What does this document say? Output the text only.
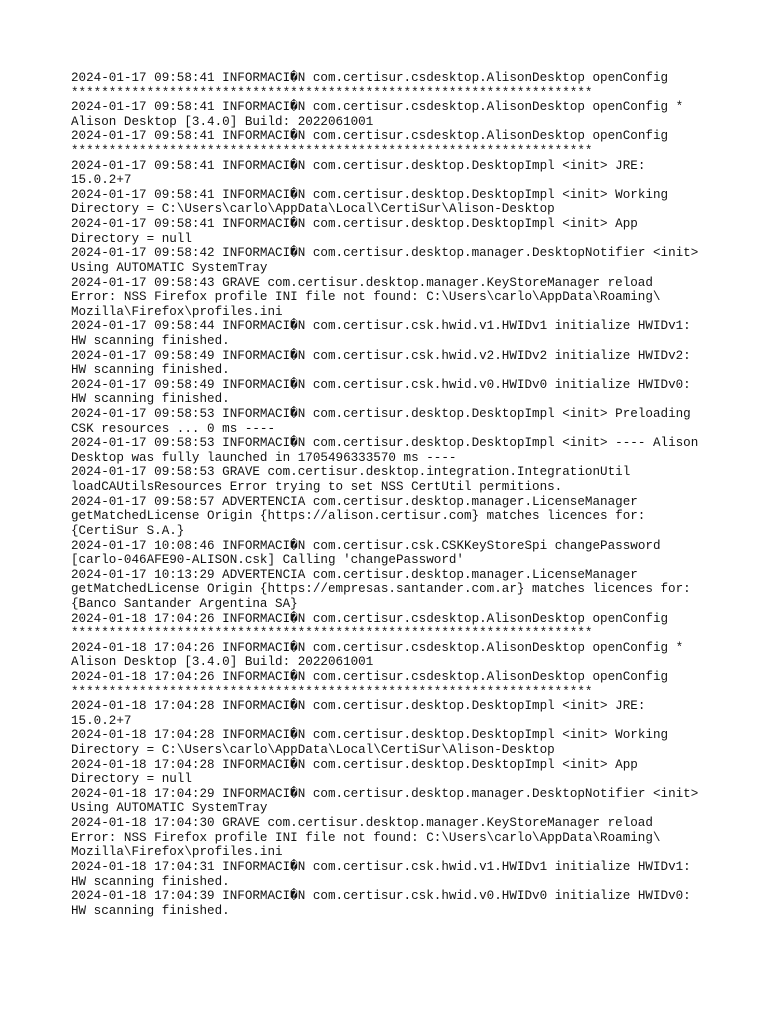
2024-01-17 09:58:41 INFORMACI�N com.certisur.csdesktop.AlisonDesktop openConfig
*********************************************************************
2024-01-17 09:58:41 INFORMACI�N com.certisur.csdesktop.AlisonDesktop openConfig *
Alison Desktop [3.4.0] Build: 2022061001
2024-01-17 09:58:41 INFORMACI�N com.certisur.csdesktop.AlisonDesktop openConfig
*********************************************************************
2024-01-17 09:58:41 INFORMACI�N com.certisur.desktop.DesktopImpl <init> JRE:
15.0.2+7
2024-01-17 09:58:41 INFORMACI�N com.certisur.desktop.DesktopImpl <init> Working
Directory = C:\Users\carlo\AppData\Local\CertiSur\Alison-Desktop
2024-01-17 09:58:41 INFORMACI�N com.certisur.desktop.DesktopImpl <init> App
Directory = null
2024-01-17 09:58:42 INFORMACI�N com.certisur.desktop.manager.DesktopNotifier <init>
Using AUTOMATIC SystemTray
2024-01-17 09:58:43 GRAVE com.certisur.desktop.manager.KeyStoreManager reload
Error: NSS Firefox profile INI file not found: C:\Users\carlo\AppData\Roaming\
Mozilla\Firefox\profiles.ini
2024-01-17 09:58:44 INFORMACI�N com.certisur.csk.hwid.v1.HWIDv1 initialize HWIDv1:
HW scanning finished.
2024-01-17 09:58:49 INFORMACI�N com.certisur.csk.hwid.v2.HWIDv2 initialize HWIDv2:
HW scanning finished.
2024-01-17 09:58:49 INFORMACI�N com.certisur.csk.hwid.v0.HWIDv0 initialize HWIDv0:
HW scanning finished.
2024-01-17 09:58:53 INFORMACI�N com.certisur.desktop.DesktopImpl <init> Preloading
CSK resources ... 0 ms ----
2024-01-17 09:58:53 INFORMACI�N com.certisur.desktop.DesktopImpl <init> ---- Alison
Desktop was fully launched in 1705496333570 ms ----
2024-01-17 09:58:53 GRAVE com.certisur.desktop.integration.IntegrationUtil
loadCAUtilsResources Error trying to set NSS CertUtil permitions.
2024-01-17 09:58:57 ADVERTENCIA com.certisur.desktop.manager.LicenseManager
getMatchedLicense Origin {https://alison.certisur.com} matches licences for:
{CertiSur S.A.}
2024-01-17 10:08:46 INFORMACI�N com.certisur.csk.CSKKeyStoreSpi changePassword
[carlo-046AFE90-ALISON.csk] Calling 'changePassword'
2024-01-17 10:13:29 ADVERTENCIA com.certisur.desktop.manager.LicenseManager
getMatchedLicense Origin {https://empresas.santander.com.ar} matches licences for:
{Banco Santander Argentina SA}
2024-01-18 17:04:26 INFORMACI�N com.certisur.csdesktop.AlisonDesktop openConfig
*********************************************************************
2024-01-18 17:04:26 INFORMACI�N com.certisur.csdesktop.AlisonDesktop openConfig *
Alison Desktop [3.4.0] Build: 2022061001
2024-01-18 17:04:26 INFORMACI�N com.certisur.csdesktop.AlisonDesktop openConfig
*********************************************************************
2024-01-18 17:04:28 INFORMACI�N com.certisur.desktop.DesktopImpl <init> JRE:
15.0.2+7
2024-01-18 17:04:28 INFORMACI�N com.certisur.desktop.DesktopImpl <init> Working
Directory = C:\Users\carlo\AppData\Local\CertiSur\Alison-Desktop
2024-01-18 17:04:28 INFORMACI�N com.certisur.desktop.DesktopImpl <init> App
Directory = null
2024-01-18 17:04:29 INFORMACI�N com.certisur.desktop.manager.DesktopNotifier <init>
Using AUTOMATIC SystemTray
2024-01-18 17:04:30 GRAVE com.certisur.desktop.manager.KeyStoreManager reload
Error: NSS Firefox profile INI file not found: C:\Users\carlo\AppData\Roaming\
Mozilla\Firefox\profiles.ini
2024-01-18 17:04:31 INFORMACI�N com.certisur.csk.hwid.v1.HWIDv1 initialize HWIDv1:
HW scanning finished.
2024-01-18 17:04:39 INFORMACI�N com.certisur.csk.hwid.v0.HWIDv0 initialize HWIDv0:
HW scanning finished.
